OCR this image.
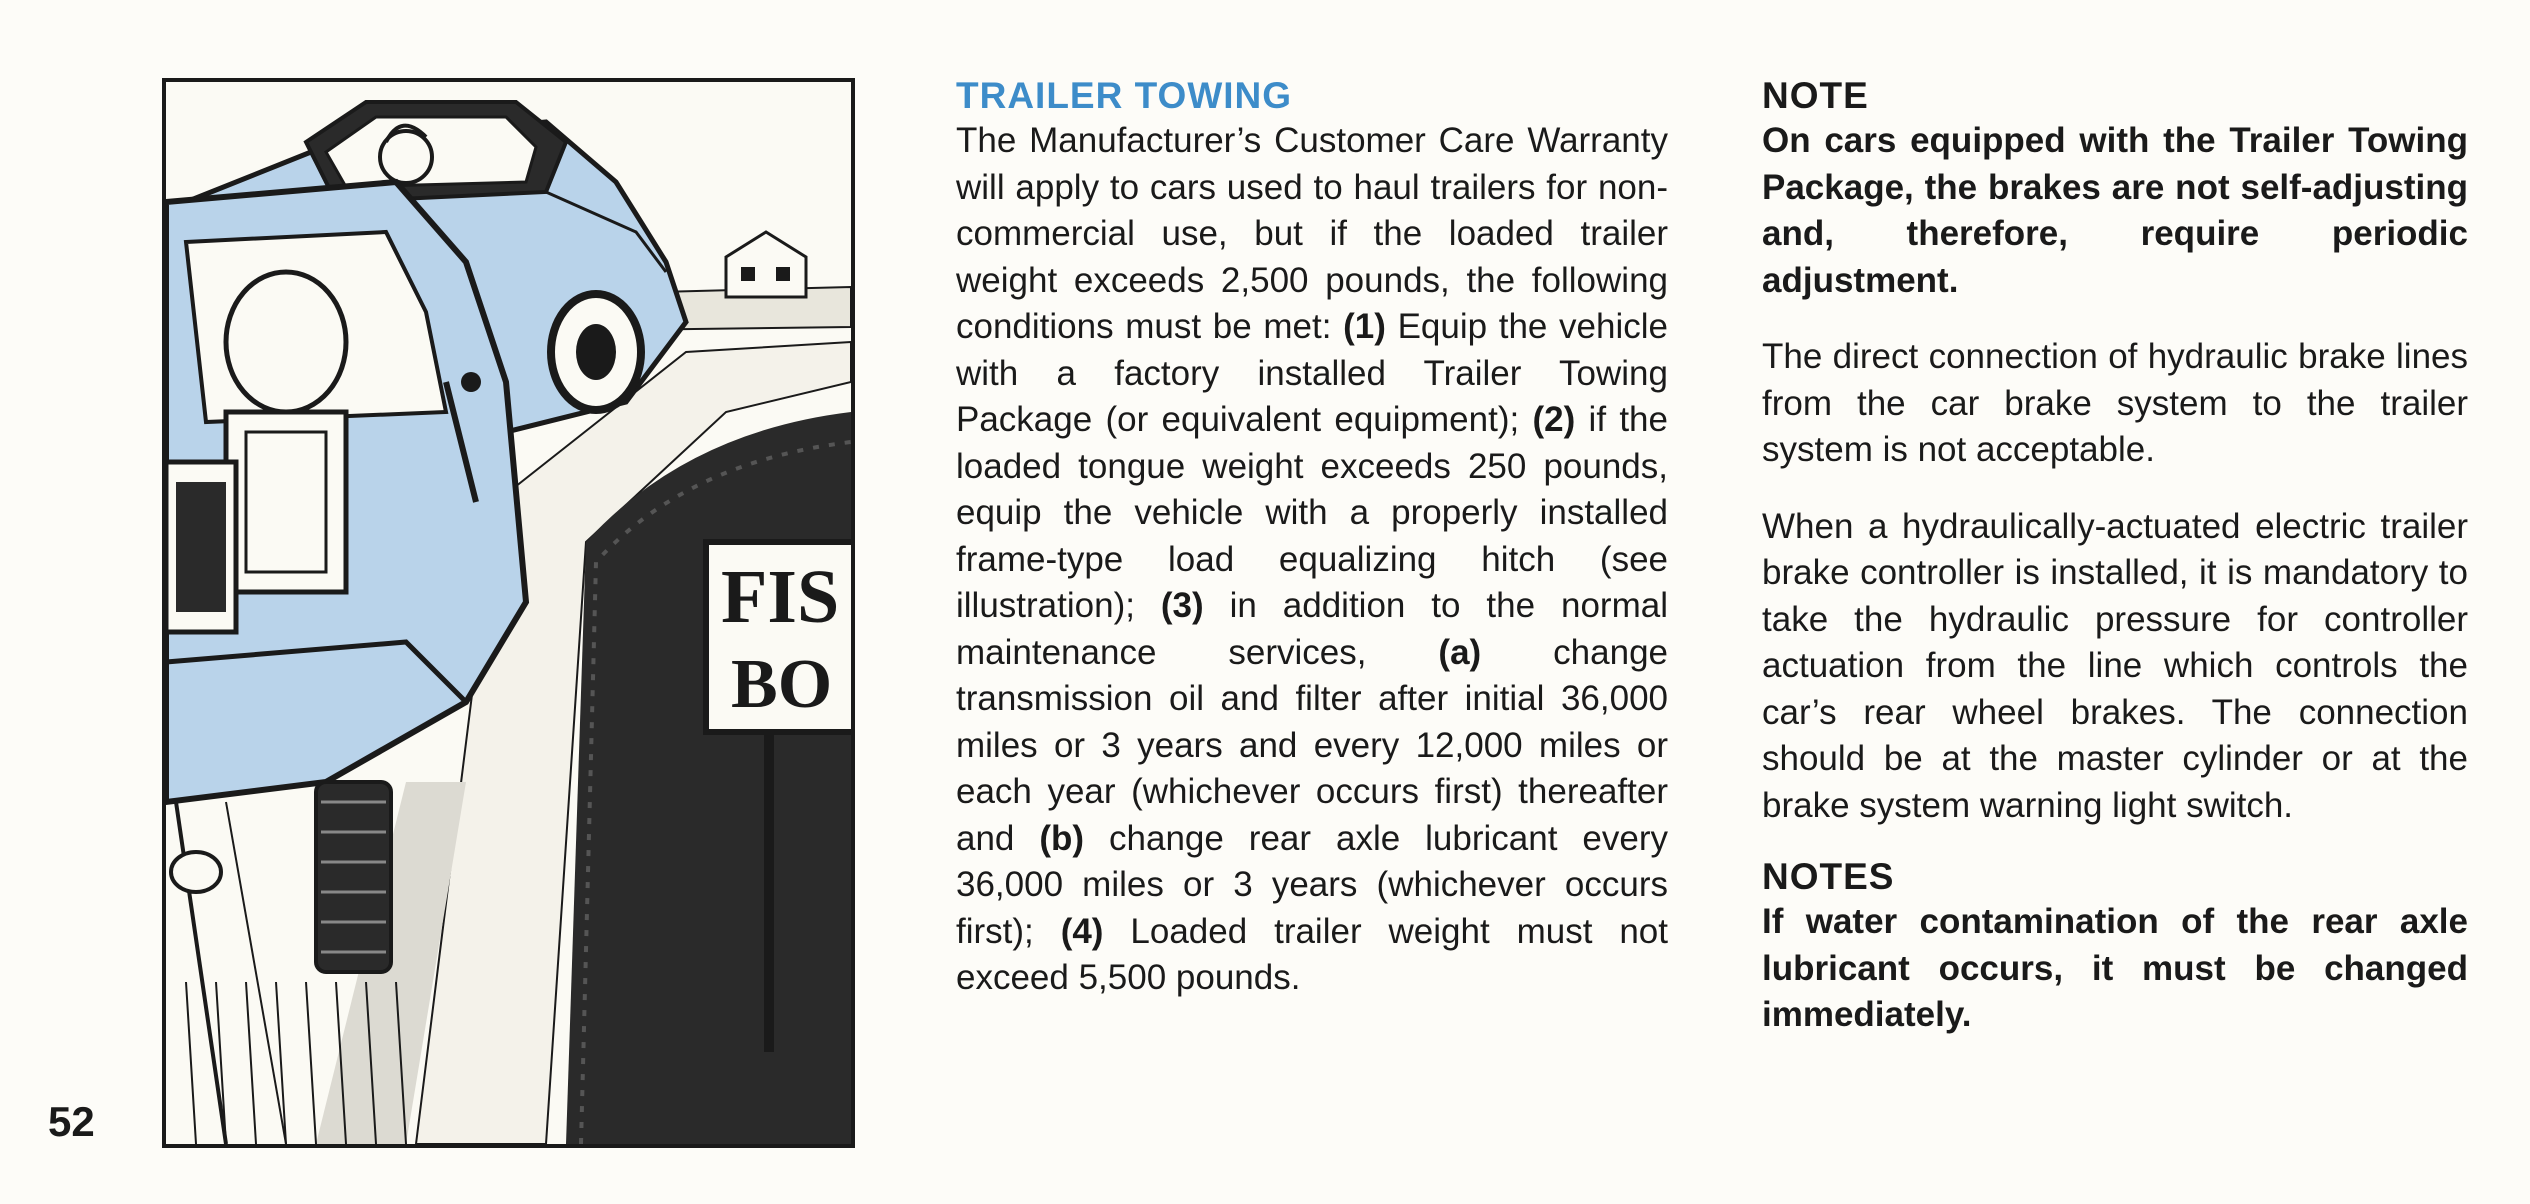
FIS
BO
52
TRAILER TOWING

The Manufacturer’s Customer Care Warranty will apply to cars used to haul trailers for non-commercial use, but if the loaded trailer weight exceeds 2,500 pounds, the following conditions must be met: (1) Equip the vehicle with a factory installed Trailer Towing Package (or equivalent equipment); (2) if the loaded tongue weight exceeds 250 pounds, equip the vehicle with a properly installed frame-type load equalizing hitch (see illustration); (3) in addition to the normal maintenance services, (a) change transmission oil and filter after initial 36,000 miles or 3 years and every 12,000 miles or each year (whichever occurs first) thereafter and (b) change rear axle lubricant every 36,000 miles or 3 years (whichever occurs first); (4) Loaded trailer weight must not exceed 5,500 pounds.

NOTE

On cars equipped with the Trailer Towing Package, the brakes are not self-adjusting and, therefore, require periodic adjustment.

The direct connection of hydraulic brake lines from the car brake system to the trailer system is not acceptable.

When a hydraulically-actuated electric trailer brake controller is installed, it is mandatory to take the hydraulic pressure for controller actuation from the line which controls the car’s rear wheel brakes. The connection should be at the master cylinder or at the brake system warning light switch.

NOTES

If water contamination of the rear axle lubricant occurs, it must be changed immediately.
